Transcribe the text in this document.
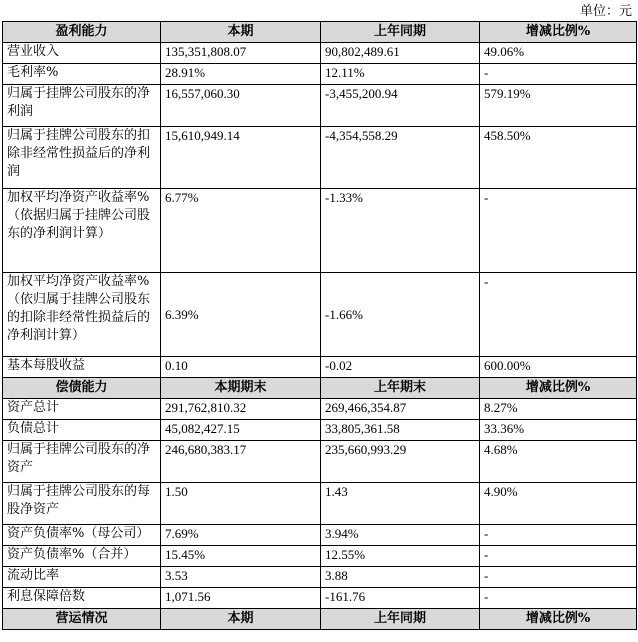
单位：元
盈利能力	本期	上年同期	增减比例%
营业收入	135,351,808.07	90,802,489.61	49.06%
毛利率%	28.91%	12.11%	-
归属于挂牌公司股东的净利润	16,557,060.30	-3,455,200.94	579.19%
归属于挂牌公司股东的扣除非经常性损益后的净利润	15,610,949.14	-4,354,558.29	458.50%
加权平均净资产收益率%（依据归属于挂牌公司股东的净利润计算）	6.77%	-1.33%	-
加权平均净资产收益率%（依归属于挂牌公司股东的扣除非经常性损益后的净利润计算）	6.39%	-1.66%	-
基本每股收益	0.10	-0.02	600.00%
偿债能力	本期期末	上年期末	增减比例%
资产总计	291,762,810.32	269,466,354.87	8.27%
负债总计	45,082,427.15	33,805,361.58	33.36%
归属于挂牌公司股东的净资产	246,680,383.17	235,660,993.29	4.68%
归属于挂牌公司股东的每股净资产	1.50	1.43	4.90%
资产负债率%（母公司）	7.69%	3.94%	-
资产负债率%（合并）	15.45%	12.55%	-
流动比率	3.53	3.88	-
利息保障倍数	1,071.56	-161.76	-
营运情况	本期	上年同期	增减比例%
